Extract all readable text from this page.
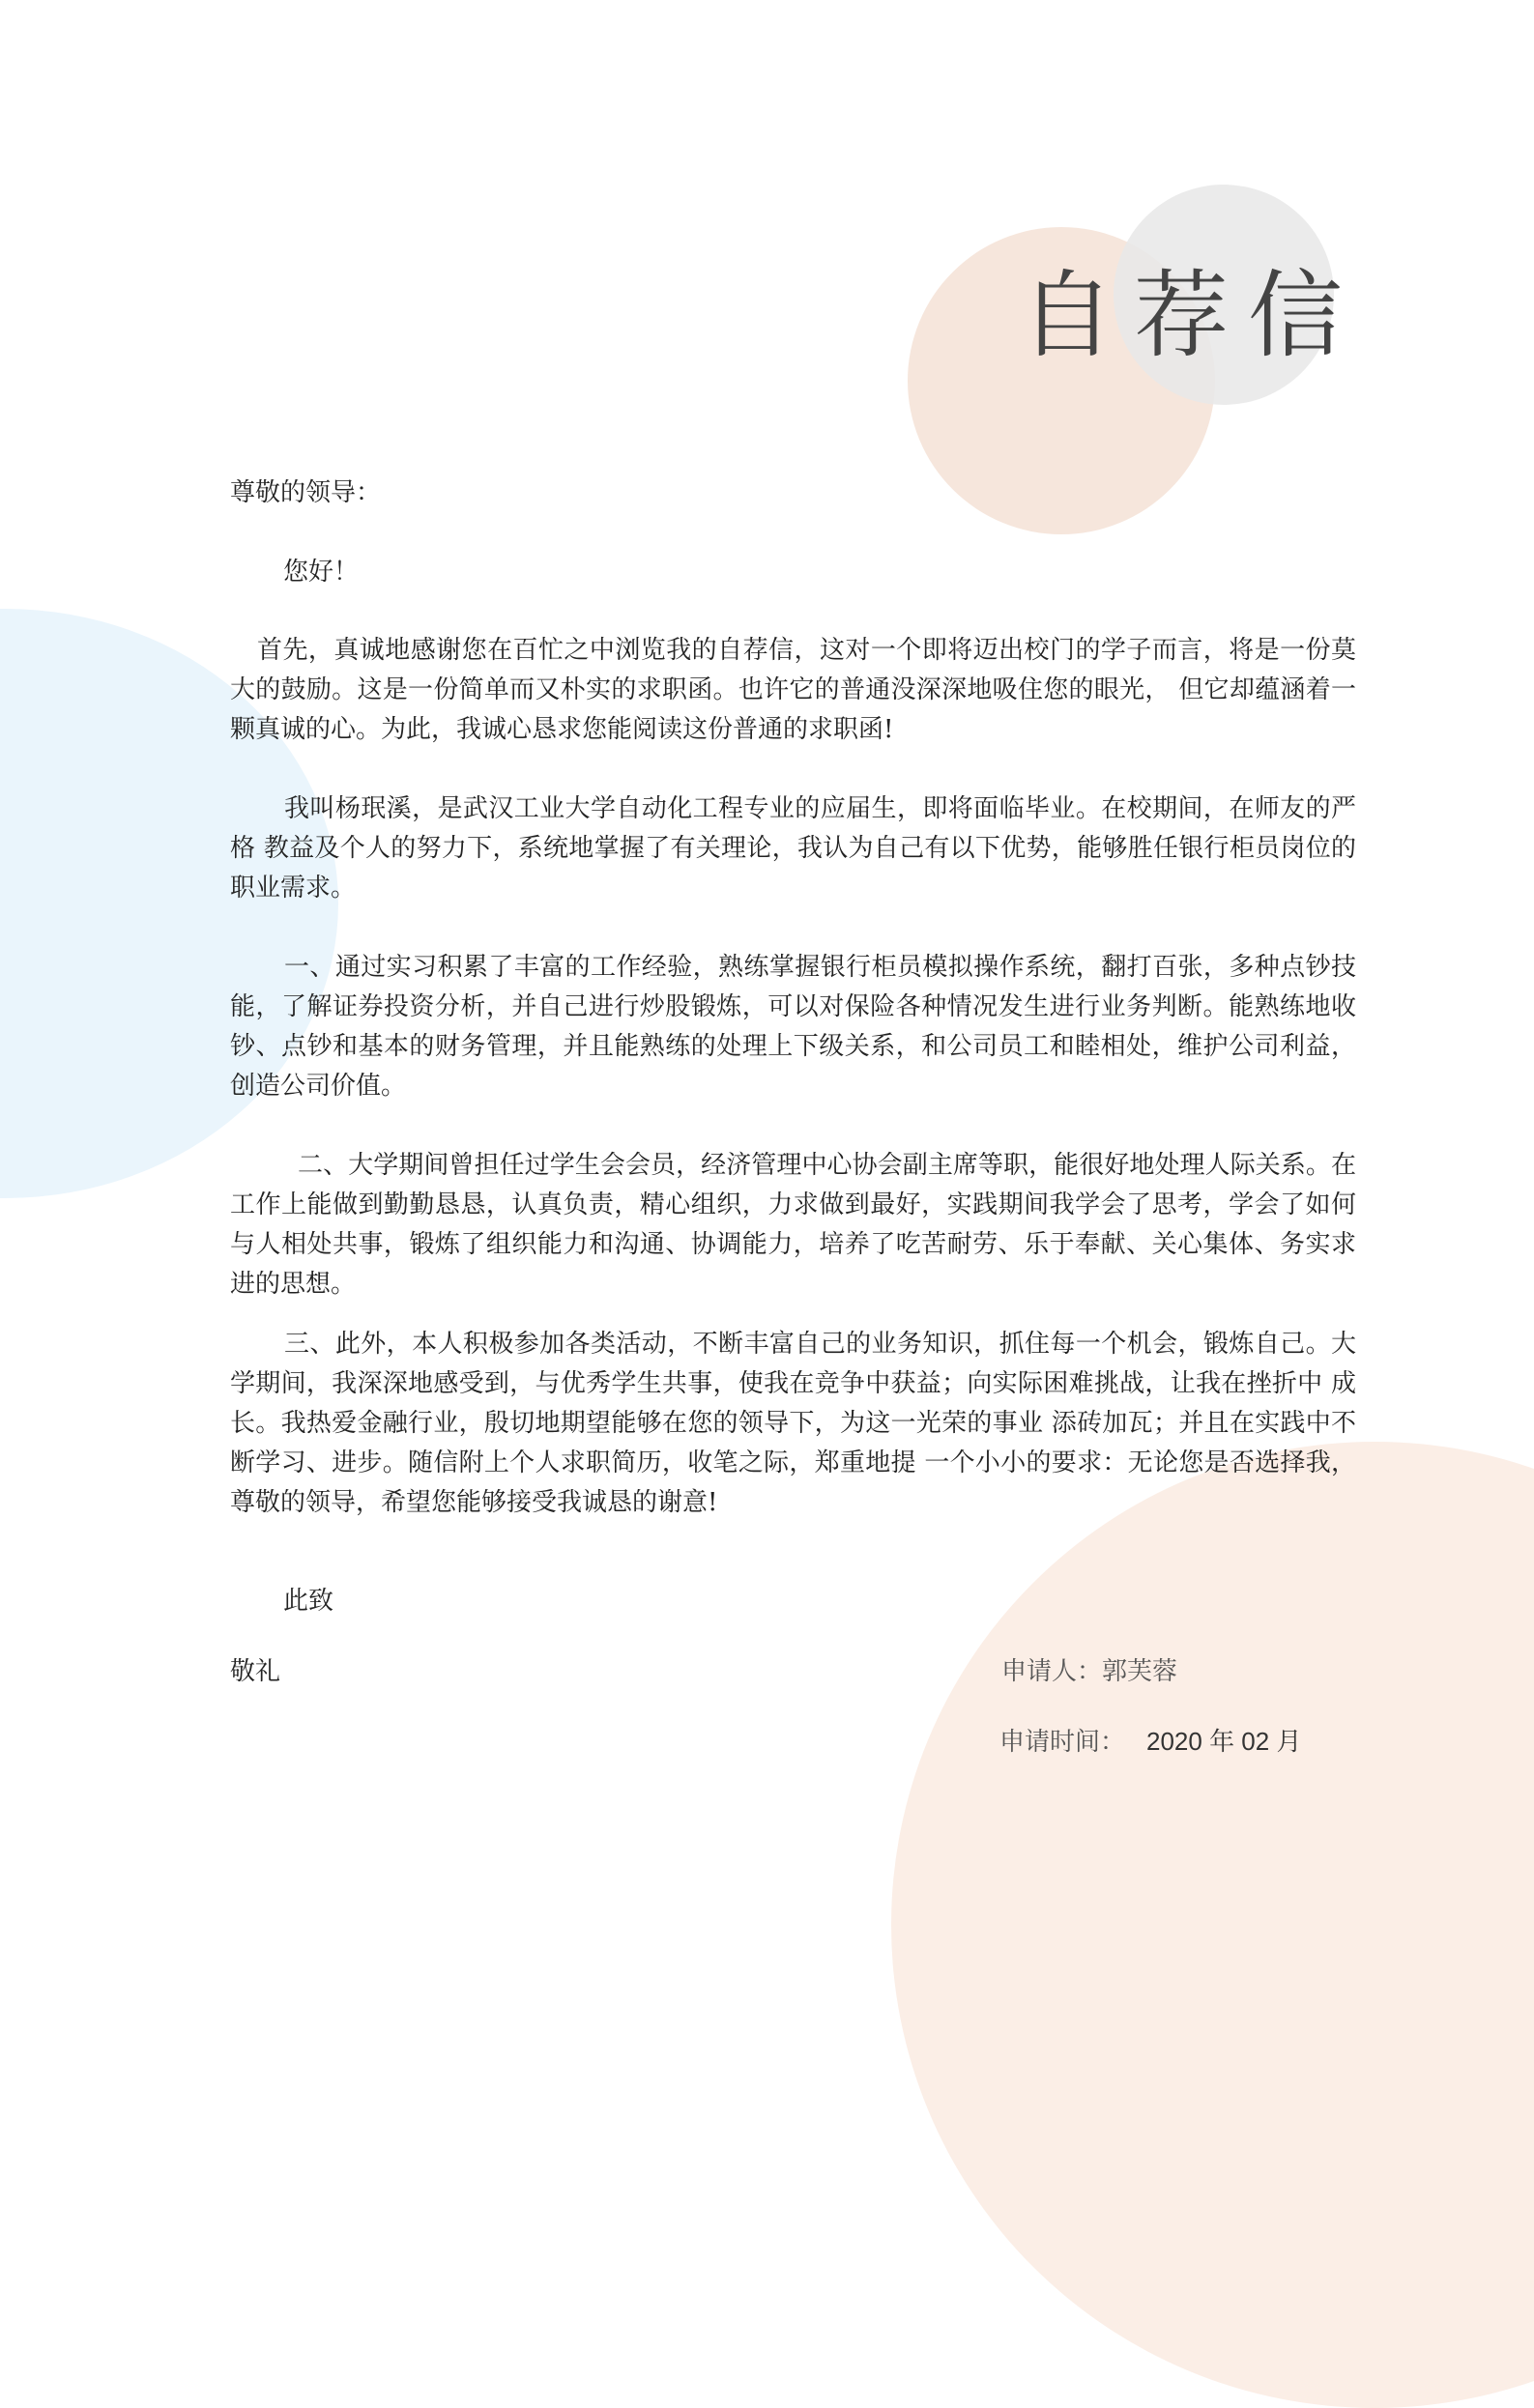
自荐信

尊敬的领导：

您好！

首先，真诚地感谢您在百忙之中浏览我的自荐信，这对一个即将迈出校门的学子而言，将是一份莫大的鼓励。这是一份简单而又朴实的求职函。也许它的普通没深深地吸住您的眼光， 但它却蕴涵着一颗真诚的心。为此，我诚心恳求您能阅读这份普通的求职函!

我叫杨珉溪，是武汉工业大学自动化工程专业的应届生，即将面临毕业。在校期间，在师友的严格 教益及个人的努力下，系统地掌握了有关理论，我认为自己有以下优势，能够胜任银行柜员岗位的职业需求。

一、通过实习积累了丰富的工作经验，熟练掌握银行柜员模拟操作系统，翻打百张，多种点钞技能，了解证券投资分析，并自己进行炒股锻炼，可以对保险各种情况发生进行业务判断。能熟练地收钞、点钞和基本的财务管理，并且能熟练的处理上下级关系，和公司员工和睦相处，维护公司利益，创造公司价值。

二、大学期间曾担任过学生会会员，经济管理中心协会副主席等职，能很好地处理人际关系。在工作上能做到勤勤恳恳，认真负责，精心组织，力求做到最好，实践期间我学会了思考，学会了如何与人相处共事，锻炼了组织能力和沟通、协调能力，培养了吃苦耐劳、乐于奉献、关心集体、务实求进的思想。

三、此外，本人积极参加各类活动，不断丰富自己的业务知识，抓住每一个机会，锻炼自己。大学期间，我深深地感受到，与优秀学生共事，使我在竞争中获益；向实际困难挑战，让我在挫折中 成长。我热爱金融行业，殷切地期望能够在您的领导下，为这一光荣的事业 添砖加瓦；并且在实践中不断学习、进步。随信附上个人求职简历，收笔之际，郑重地提 一个小小的要求：无论您是否选择我，尊敬的领导，希望您能够接受我诚恳的谢意!

此致

敬礼	申请人：郭芙蓉
申请时间： 2020 年 02 月
